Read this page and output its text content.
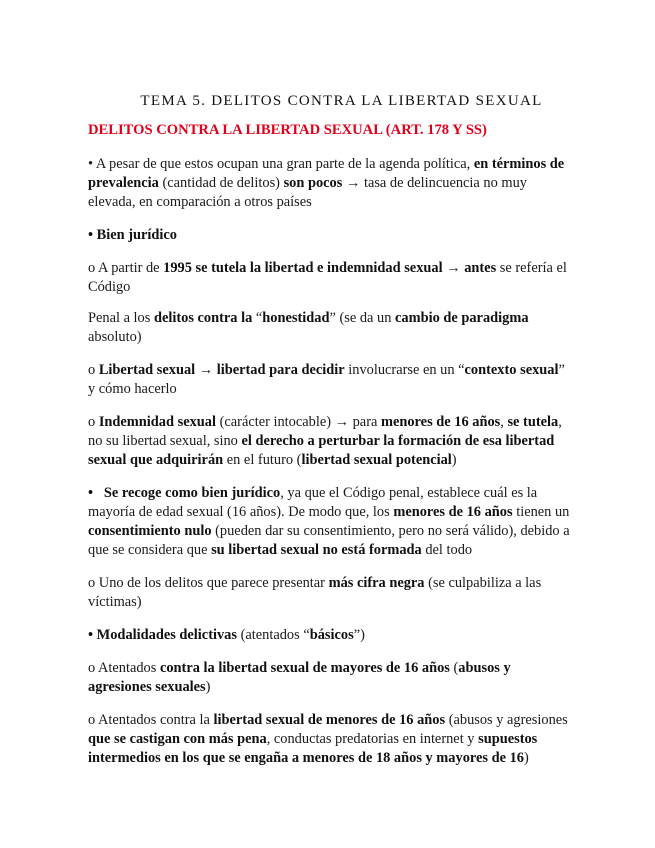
TEMA 5. DELITOS CONTRA LA LIBERTAD SEXUAL
DELITOS CONTRA LA LIBERTAD SEXUAL (ART. 178 Y SS)
• A pesar de que estos ocupan una gran parte de la agenda política, en términos de prevalencia (cantidad de delitos) son pocos → tasa de delincuencia no muy elevada, en comparación a otros países
• Bien jurídico
o A partir de 1995 se tutela la libertad e indemnidad sexual → antes se refería el Código
Penal a los delitos contra la “honestidad” (se da un cambio de paradigma absoluto)
o Libertad sexual → libertad para decidir involucrarse en un “contexto sexual” y cómo hacerlo
o Indemnidad sexual (carácter intocable) → para menores de 16 años, se tutela, no su libertad sexual, sino el derecho a perturbar la formación de esa libertad sexual que adquirirán en el futuro (libertad sexual potencial)
• Se recoge como bien jurídico, ya que el Código penal, establece cuál es la mayoría de edad sexual (16 años). De modo que, los menores de 16 años tienen un consentimiento nulo (pueden dar su consentimiento, pero no será válido), debido a que se considera que su libertad sexual no está formada del todo
o Uno de los delitos que parece presentar más cifra negra (se culpabiliza a las víctimas)
• Modalidades delictivas (atentados “básicos”)
o Atentados contra la libertad sexual de mayores de 16 años (abusos y agresiones sexuales)
o Atentados contra la libertad sexual de menores de 16 años (abusos y agresiones que se castigan con más pena, conductas predatorias en internet y supuestos intermedios en los que se engaña a menores de 18 años y mayores de 16)
